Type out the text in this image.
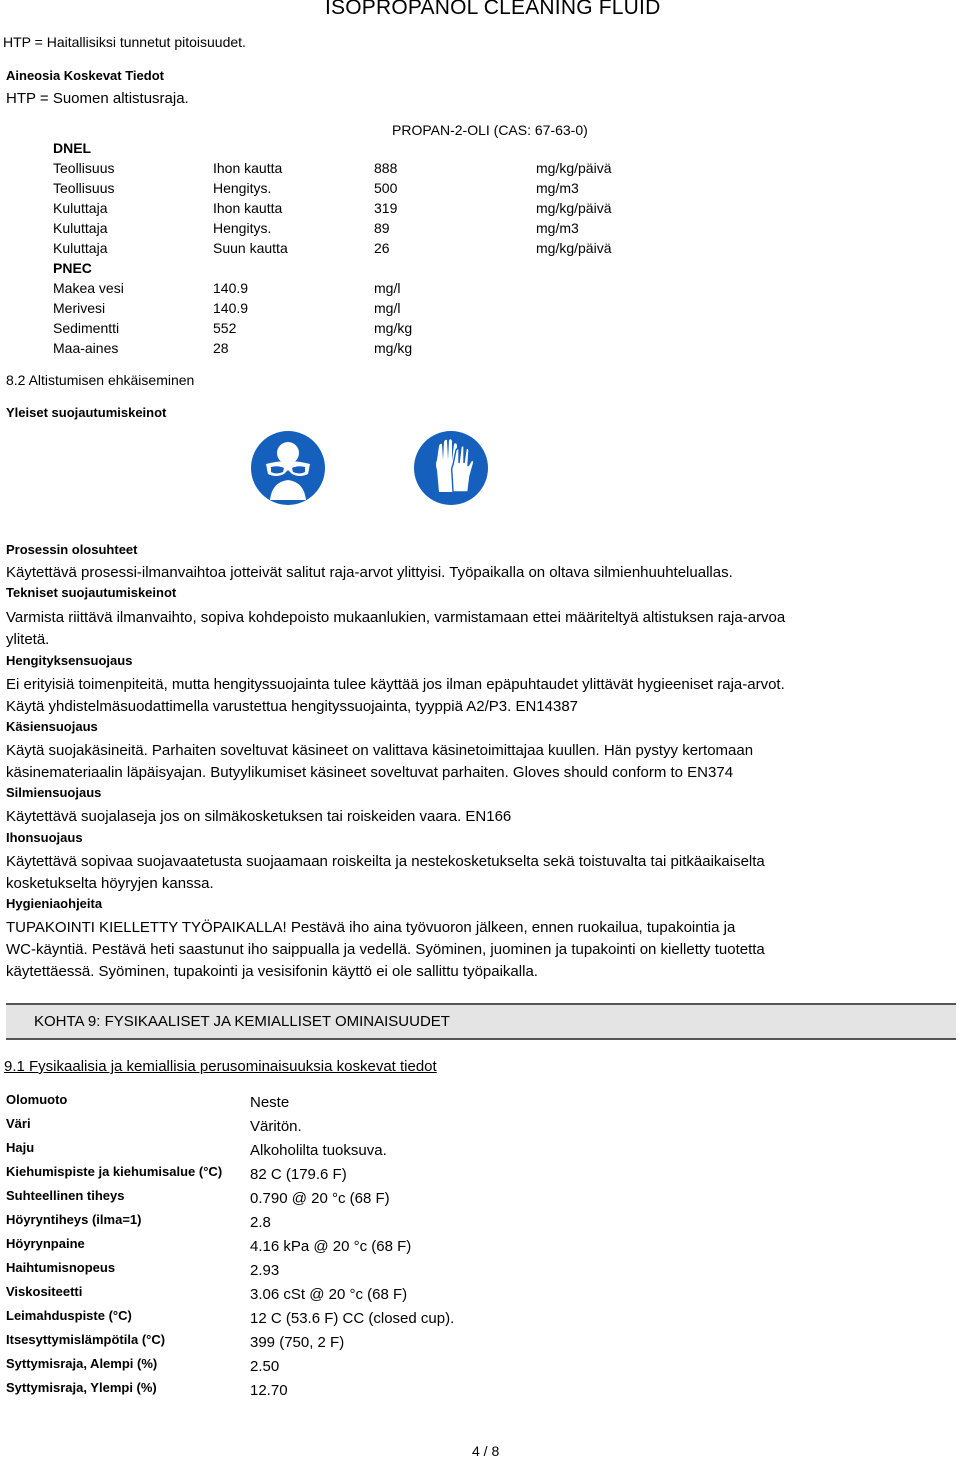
ISOPROPANOL CLEANING FLUID
HTP = Haitallisiksi tunnetut pitoisuudet.
Aineosia Koskevat Tiedot
HTP = Suomen altistusraja.
PROPAN-2-OLI (CAS: 67-63-0)
DNEL
Teollisuus	Ihon kautta	888	mg/kg/päivä
Teollisuus	Hengitys.	500	mg/m3
Kuluttaja	Ihon kautta	319	mg/kg/päivä
Kuluttaja	Hengitys.	89	mg/m3
Kuluttaja	Suun kautta	26	mg/kg/päivä
PNEC
Makea vesi	140.9	mg/l
Merivesi	140.9	mg/l
Sedimentti	552	mg/kg
Maa-aines	28	mg/kg
8.2 Altistumisen ehkäiseminen
Yleiset suojautumiskeinot
Prosessin olosuhteet
Käytettävä prosessi-ilmanvaihtoa jotteivät salitut raja-arvot ylittyisi. Työpaikalla on oltava silmienhuuhteluallas.
Tekniset suojautumiskeinot
Varmista riittävä ilmanvaihto, sopiva kohdepoisto mukaanlukien, varmistamaan ettei määriteltyä altistuksen raja-arvoa
ylitetä.
Hengityksensuojaus
Ei erityisiä toimenpiteitä, mutta hengityssuojainta tulee käyttää jos ilman epäpuhtaudet ylittävät hygieeniset raja-arvot.
Käytä yhdistelmäsuodattimella varustettua hengityssuojainta, tyyppiä A2/P3. EN14387
Käsiensuojaus
Käytä suojakäsineitä. Parhaiten soveltuvat käsineet on valittava käsinetoimittajaa kuullen. Hän pystyy kertomaan
käsinemateriaalin läpäisyajan. Butyylikumiset käsineet soveltuvat parhaiten. Gloves should conform to EN374
Silmiensuojaus
Käytettävä suojalaseja jos on silmäkosketuksen tai roiskeiden vaara. EN166
Ihonsuojaus
Käytettävä sopivaa suojavaatetusta suojaamaan roiskeilta ja nestekosketukselta sekä toistuvalta tai pitkäaikaiselta
kosketukselta höyryjen kanssa.
Hygieniaohjeita
TUPAKOINTI KIELLETTY TYÖPAIKALLA! Pestävä iho aina työvuoron jälkeen, ennen ruokailua, tupakointia ja
WC-käyntiä. Pestävä heti saastunut iho saippualla ja vedellä. Syöminen, juominen ja tupakointi on kielletty tuotetta
käytettäessä. Syöminen, tupakointi ja vesisifonin käyttö ei ole sallittu työpaikalla.
KOHTA 9: FYSIKAALISET JA KEMIALLISET OMINAISUUDET
9.1 Fysikaalisia ja kemiallisia perusominaisuuksia koskevat tiedot
Olomuoto	Neste
Väri	Väritön.
Haju	Alkoholilta tuoksuva.
Kiehumispiste ja kiehumisalue (°C) 82 C (179.6 F)
Suhteellinen tiheys	0.790 @ 20 °c (68 F)
Höyryntiheys (ilma=1)	2.8
Höyrynpaine	4.16 kPa @ 20 °c (68 F)
Haihtumisnopeus	2.93
Viskositeetti	3.06 cSt @ 20 °c (68 F)
Leimahduspiste (°C)	12 C (53.6 F) CC (closed cup).
Itsesyttymislämpötila (°C)	399 (750, 2 F)
Syttymisraja, Alempi (%)	2.50
Syttymisraja, Ylempi (%)	12.70
4 / 8
